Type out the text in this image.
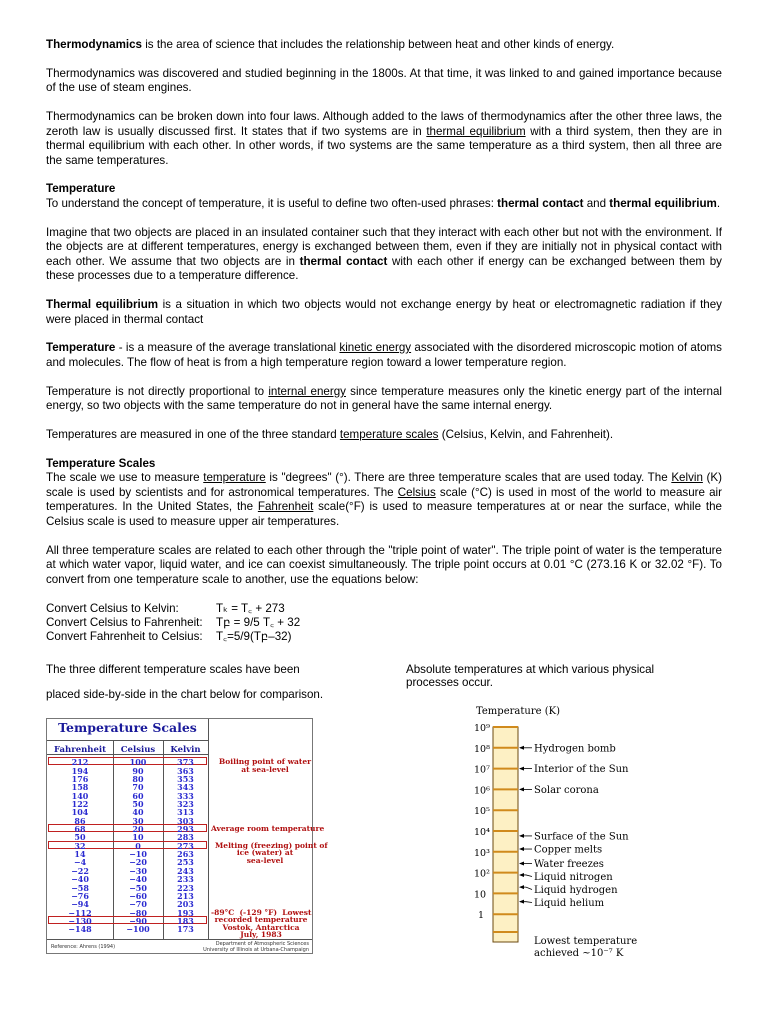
Thermodynamics is the area of science that includes the relationship between heat and other kinds of energy.

Thermodynamics was discovered and studied beginning in the 1800s. At that time, it was linked to and gained importance because of the use of steam engines.

Thermodynamics can be broken down into four laws. Although added to the laws of thermodynamics after the other three laws, the zeroth law is usually discussed first. It states that if two systems are in thermal equilibrium with a third system, then they are in thermal equilibrium with each other. In other words, if two systems are the same temperature as a third system, then all three are the same temperatures.

Temperature

To understand the concept of temperature, it is useful to define two often-used phrases: thermal contact and thermal equilibrium.

Imagine that two objects are placed in an insulated container such that they interact with each other but not with the environment. If the objects are at different temperatures, energy is exchanged between them, even if they are initially not in physical contact with each other. We assume that two objects are in thermal contact with each other if energy can be exchanged between them by these processes due to a temperature difference.

Thermal equilibrium is a situation in which two objects would not exchange energy by heat or electromagnetic radiation if they were placed in thermal contact

Temperature - is a measure of the average translational kinetic energy associated with the disordered microscopic motion of atoms and molecules. The flow of heat is from a high temperature region toward a lower temperature region.

Temperature is not directly proportional to internal energy since temperature measures only the kinetic energy part of the internal energy, so two objects with the same temperature do not in general have the same internal energy.

Temperatures are measured in one of the three standard temperature scales (Celsius, Kelvin, and Fahrenheit).

Temperature Scales

The scale we use to measure temperature is "degrees" (°). There are three temperature scales that are used today. The Kelvin (K) scale is used by scientists and for astronomical temperatures. The Celsius scale (°C) is used in most of the world to measure air temperatures. In the United States, the Fahrenheit scale(°F) is used to measure temperatures at or near the surface, while the Celsius scale is used to measure upper air temperatures.

All three temperature scales are related to each other through the "triple point of water". The triple point of water is the temperature at which water vapor, liquid water, and ice can coexist simultaneously. The triple point occurs at 0.01 °C (273.16 K or 32.02 °F). To convert from one temperature scale to another, use the equations below:

Convert Celsius to Kelvin:	Tₖ = T꜀ + 273
Convert Celsius to Fahrenheit:	Tբ = 9/5 T꜀ + 32
Convert Fahrenheit to Celsius:	T꜀=5/9(Tբ–32)
The three different temperature scales have been
placed side-by-side in the chart below for comparison.
Absolute temperatures at which various physical processes occur.
Temperature Scales
Fahrenheit	Celsius	Kelvin
212	100	373
194	90	363
176	80	353
158	70	343
140	60	333
122	50	323
104	40	313
86	30	303
68	20	293
50	10	283
32	0	273
14	−10	263
−4	−20	253
−22	−30	243
−40	−40	233
−58	−50	223
−76	−60	213
−94	−70	203
−112	−80	193
−130	−90	183
−148	−100	173
Boiling point of water
at sea-level
Average room temperature
Melting (freezing) point of
ice (water) at
sea-level
-89°C  (-129 °F)  Lowest
recorded temperature
Vostok, Antarctica
July, 1983
Reference: Ahrens (1994)
Department of Atmospheric Sciences
University of Illinois at Urbana-Champaign
Temperature (K)
10⁹
10⁸
10⁷
10⁶
10⁵
10⁴
10³
10²
10
1
Hydrogen bomb
Interior of the Sun
Solar corona
Surface of the Sun
Copper melts
Water freezes
Liquid nitrogen
Liquid hydrogen
Liquid helium
Lowest temperature
achieved ~10⁻⁷ K
